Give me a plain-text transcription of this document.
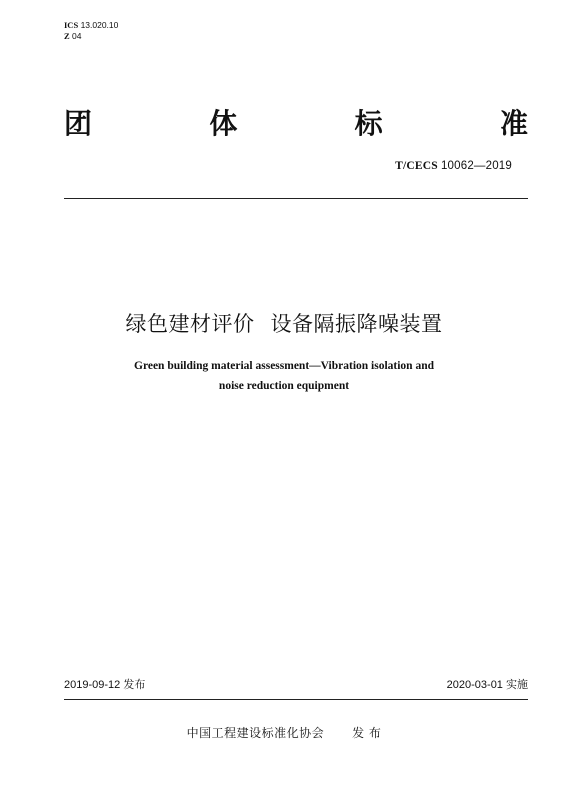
ICS 13.020.10
Z 04
团	体	标	准
T/CECS 10062—2019
绿色建材评价 设备隔振降噪装置
Green building material assessment—Vibration isolation and
noise reduction equipment
2019-09-12 发布	2020-03-01 实施
中国工程建设标准化协会 发 布
